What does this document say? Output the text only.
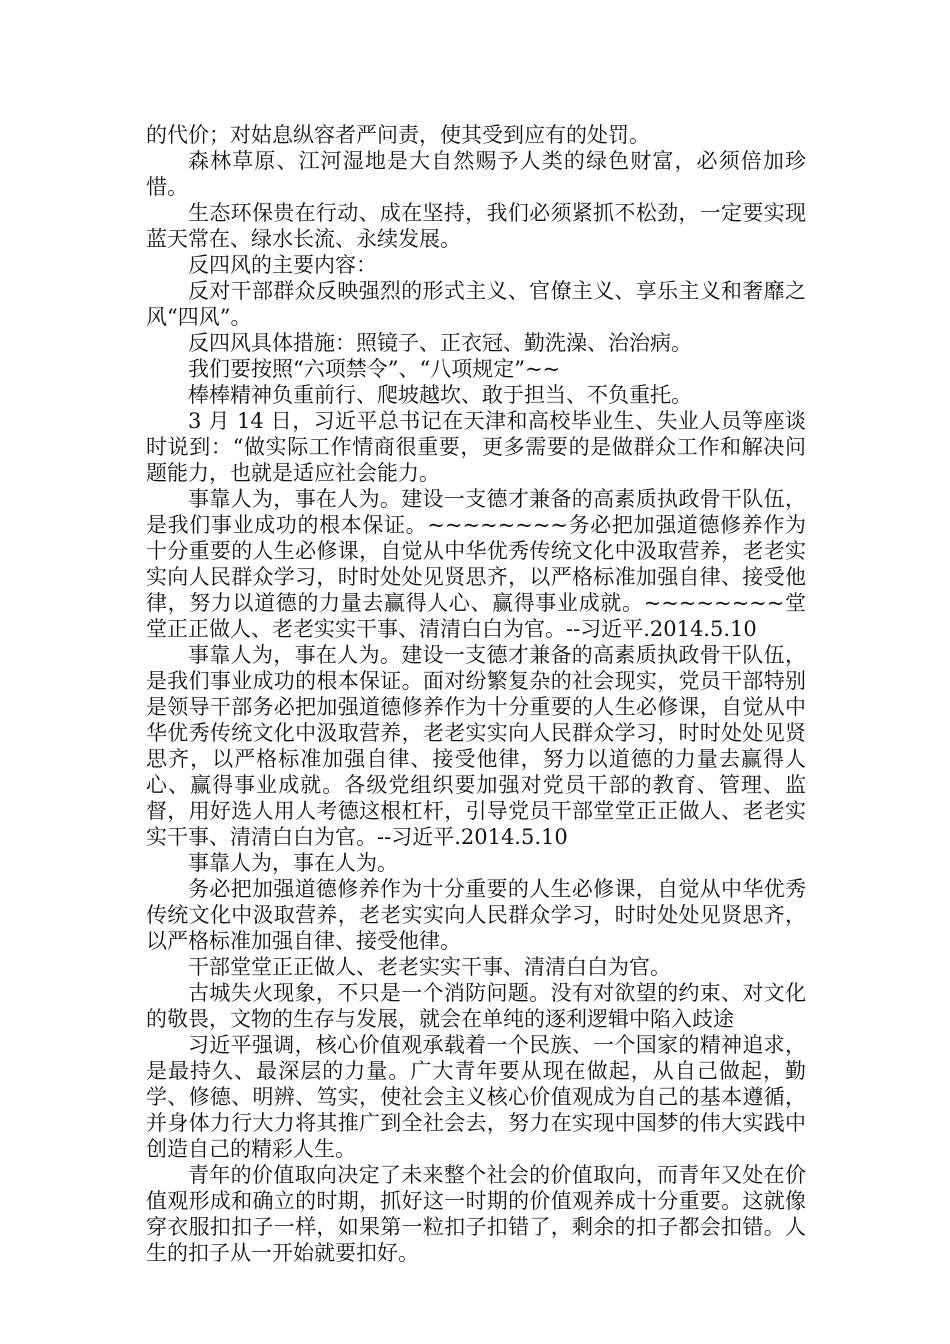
的代价；对姑息纵容者严问责，使其受到应有的处罚。

森林草原、江河湿地是大自然赐予人类的绿色财富，必须倍加珍惜。

生态环保贵在行动、成在坚持，我们必须紧抓不松劲，一定要实现蓝天常在、绿水长流、永续发展。

反四风的主要内容：

反对干部群众反映强烈的形式主义、官僚主义、享乐主义和奢靡之风“四风”。

反四风具体措施：照镜子、正衣冠、勤洗澡、治治病。

我们要按照“六项禁令”、“八项规定”~~

棒棒精神负重前行、爬坡越坎、敢于担当、不负重托。

3 月 14 日，习近平总书记在天津和高校毕业生、失业人员等座谈时说到：“做实际工作情商很重要，更多需要的是做群众工作和解决问题能力，也就是适应社会能力。

事靠人为，事在人为。建设一支德才兼备的高素质执政骨干队伍，是我们事业成功的根本保证。~~~~~~~~务必把加强道德修养作为十分重要的人生必修课，自觉从中华优秀传统文化中汲取营养，老老实实向人民群众学习，时时处处见贤思齐，以严格标准加强自律、接受他律，努力以道德的力量去赢得人心、赢得事业成就。~~~~~~~~堂堂正正做人、老老实实干事、清清白白为官。--习近平.2014.5.10

事靠人为，事在人为。建设一支德才兼备的高素质执政骨干队伍，是我们事业成功的根本保证。面对纷繁复杂的社会现实，党员干部特别是领导干部务必把加强道德修养作为十分重要的人生必修课，自觉从中华优秀传统文化中汲取营养，老老实实向人民群众学习，时时处处见贤思齐，以严格标准加强自律、接受他律，努力以道德的力量去赢得人心、赢得事业成就。各级党组织要加强对党员干部的教育、管理、监督，用好选人用人考德这根杠杆，引导党员干部堂堂正正做人、老老实实干事、清清白白为官。--习近平.2014.5.10

事靠人为，事在人为。

务必把加强道德修养作为十分重要的人生必修课，自觉从中华优秀传统文化中汲取营养，老老实实向人民群众学习，时时处处见贤思齐，以严格标准加强自律、接受他律。

干部堂堂正正做人、老老实实干事、清清白白为官。

古城失火现象，不只是一个消防问题。没有对欲望的约束、对文化的敬畏，文物的生存与发展，就会在单纯的逐利逻辑中陷入歧途

习近平强调，核心价值观承载着一个民族、一个国家的精神追求，是最持久、最深层的力量。广大青年要从现在做起，从自己做起，勤学、修德、明辨、笃实，使社会主义核心价值观成为自己的基本遵循，并身体力行大力将其推广到全社会去，努力在实现中国梦的伟大实践中创造自己的精彩人生。

青年的价值取向决定了未来整个社会的价值取向，而青年又处在价值观形成和确立的时期，抓好这一时期的价值观养成十分重要。这就像穿衣服扣扣子一样，如果第一粒扣子扣错了，剩余的扣子都会扣错。人生的扣子从一开始就要扣好。
